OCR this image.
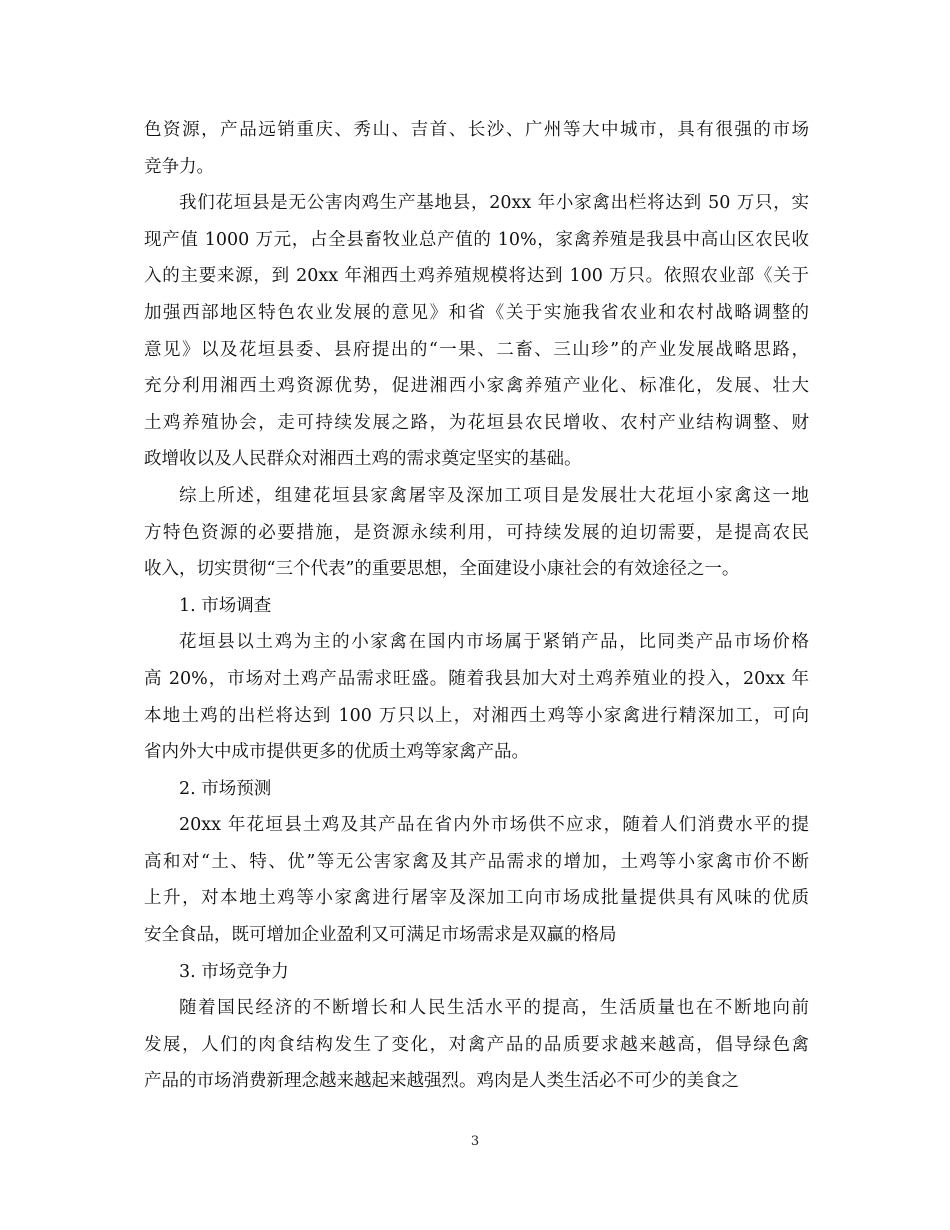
色资源，产品远销重庆、秀山、吉首、长沙、广州等大中城市，具有很强的市场
竞争力。
我们花垣县是无公害肉鸡生产基地县，20xx 年小家禽出栏将达到 50 万只，实
现产值 1000 万元，占全县畜牧业总产值的 10%，家禽养殖是我县中高山区农民收
入的主要来源，到 20xx 年湘西土鸡养殖规模将达到 100 万只。依照农业部《关于
加强西部地区特色农业发展的意见》和省《关于实施我省农业和农村战略调整的
意见》以及花垣县委、县府提出的“一果、二畜、三山珍”的产业发展战略思路，
充分利用湘西土鸡资源优势，促进湘西小家禽养殖产业化、标准化，发展、壮大
土鸡养殖协会，走可持续发展之路，为花垣县农民增收、农村产业结构调整、财
政增收以及人民群众对湘西土鸡的需求奠定坚实的基础。
综上所述，组建花垣县家禽屠宰及深加工项目是发展壮大花垣小家禽这一地
方特色资源的必要措施，是资源永续利用，可持续发展的迫切需要，是提高农民
收入，切实贯彻“三个代表”的重要思想，全面建设小康社会的有效途径之一。
1. 市场调查
花垣县以土鸡为主的小家禽在国内市场属于紧销产品，比同类产品市场价格
高 20%，市场对土鸡产品需求旺盛。随着我县加大对土鸡养殖业的投入，20xx 年
本地土鸡的出栏将达到 100 万只以上，对湘西土鸡等小家禽进行精深加工，可向
省内外大中成市提供更多的优质土鸡等家禽产品。
2. 市场预测
20xx 年花垣县土鸡及其产品在省内外市场供不应求，随着人们消费水平的提
高和对“土、特、优”等无公害家禽及其产品需求的增加，土鸡等小家禽市价不断
上升，对本地土鸡等小家禽进行屠宰及深加工向市场成批量提供具有风味的优质
安全食品，既可增加企业盈利又可满足市场需求是双赢的格局
3. 市场竞争力
随着国民经济的不断增长和人民生活水平的提高，生活质量也在不断地向前
发展，人们的肉食结构发生了变化，对禽产品的品质要求越来越高，倡导绿色禽
产品的市场消费新理念越来越起来越强烈。鸡肉是人类生活必不可少的美食之
3
